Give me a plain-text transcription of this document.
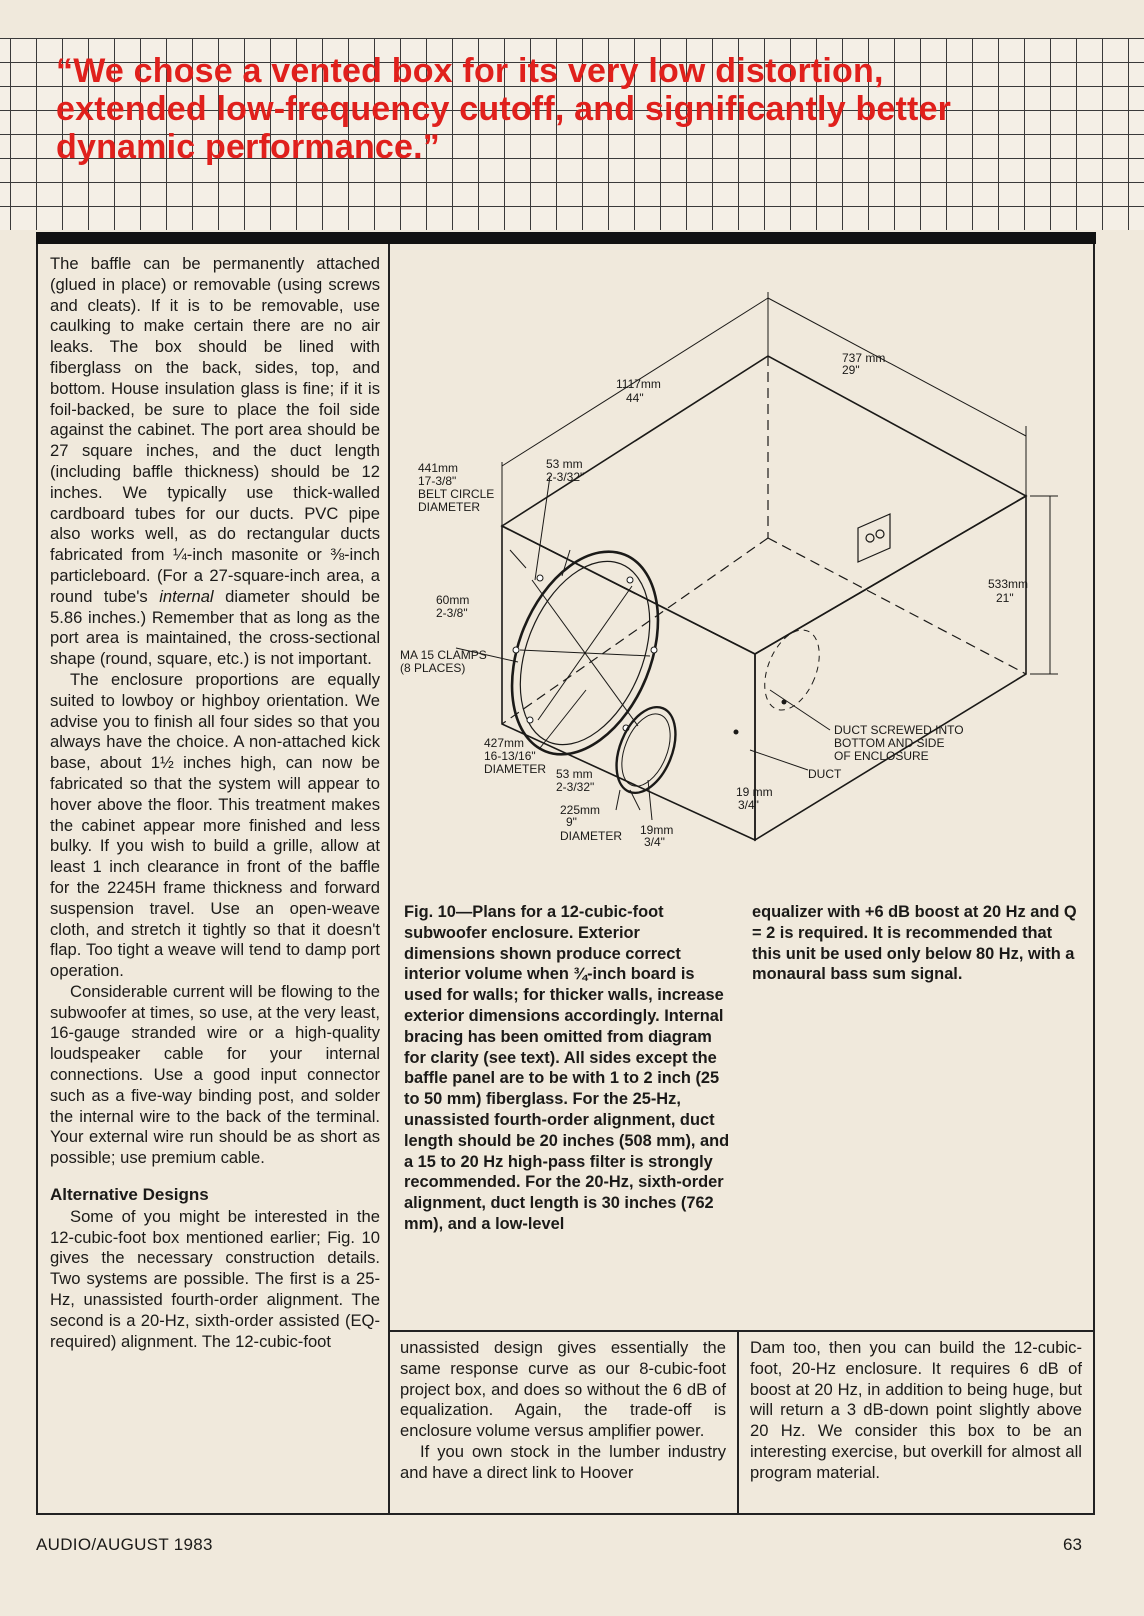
“We chose a vented box for its very low distortion, extended low-frequency cutoff, and significantly better dynamic performance.”

The baffle can be permanently attached (glued in place) or removable (using screws and cleats). If it is to be removable, use caulking to make certain there are no air leaks. The box should be lined with fiberglass on the back, sides, top, and bottom. House insulation glass is fine; if it is foil-backed, be sure to place the foil side against the cabinet. The port area should be 27 square inches, and the duct length (including baffle thickness) should be 12 inches. We typically use thick-walled cardboard tubes for our ducts. PVC pipe also works well, as do rectangular ducts fabricated from ¼-inch masonite or ⅜-inch particleboard. (For a 27-square-inch area, a round tube's internal diameter should be 5.86 inches.) Remember that as long as the port area is maintained, the cross-sectional shape (round, square, etc.) is not important.

The enclosure proportions are equally suited to lowboy or highboy orientation. We advise you to finish all four sides so that you always have the choice. A non-attached kick base, about 1½ inches high, can now be fabricated so that the system will appear to hover above the floor. This treatment makes the cabinet appear more finished and less bulky. If you wish to build a grille, allow at least 1 inch clearance in front of the baffle for the 2245H frame thickness and forward suspension travel. Use an open-weave cloth, and stretch it tightly so that it doesn't flap. Too tight a weave will tend to damp port operation.

Considerable current will be flowing to the subwoofer at times, so use, at the very least, 16-gauge stranded wire or a high-quality loudspeaker cable for your internal connections. Use a good input connector such as a five-way binding post, and solder the internal wire to the back of the terminal. Your external wire run should be as short as possible; use premium cable.

Alternative Designs

Some of you might be interested in the 12-cubic-foot box mentioned earlier; Fig. 10 gives the necessary construction details. Two systems are possible. The first is a 25-Hz, unassisted fourth-order alignment. The second is a 20-Hz, sixth-order assisted (EQ-required) alignment. The 12-cubic-foot

1117mm
44"
737 mm
29"
533mm
21"
441mm
17-3/8"
BELT CIRCLE
DIAMETER
53 mm
2-3/32"
60mm
2-3/8"
MA 15 CLAMPS
(8 PLACES)
427mm
16-13/16"
DIAMETER 53 mm
2-3/32"
225mm
9"
DIAMETER 19mm
3/4"
19 mm
3/4"
DUCT SCREWED INTO
BOTTOM AND SIDE
OF ENCLOSURE
DUCT
Fig. 10—Plans for a 12-cubic-foot subwoofer enclosure. Exterior dimensions shown produce correct interior volume when ¾-inch board is used for walls; for thicker walls, increase exterior dimensions accordingly. Internal bracing has been omitted from diagram for clarity (see text). All sides except the baffle panel are to be with 1 to 2 inch (25 to 50 mm) fiberglass. For the 25-Hz, unassisted fourth-order alignment, duct length should be 20 inches (508 mm), and a 15 to 20 Hz high-pass filter is strongly recommended. For the 20-Hz, sixth-order alignment, duct length is 30 inches (762 mm), and a low-level
equalizer with +6 dB boost at 20 Hz and Q = 2 is required. It is recommended that this unit be used only below 80 Hz, with a monaural bass sum signal.

unassisted design gives essentially the same response curve as our 8-cubic-foot project box, and does so without the 6 dB of equalization. Again, the trade-off is enclosure volume versus amplifier power.

If you own stock in the lumber industry and have a direct link to Hoover

Dam too, then you can build the 12-cubic-foot, 20-Hz enclosure. It requires 6 dB of boost at 20 Hz, in addition to being huge, but will return a 3 dB-down point slightly above 20 Hz. We consider this box to be an interesting exercise, but overkill for almost all program material.

AUDIO/AUGUST 1983	63
